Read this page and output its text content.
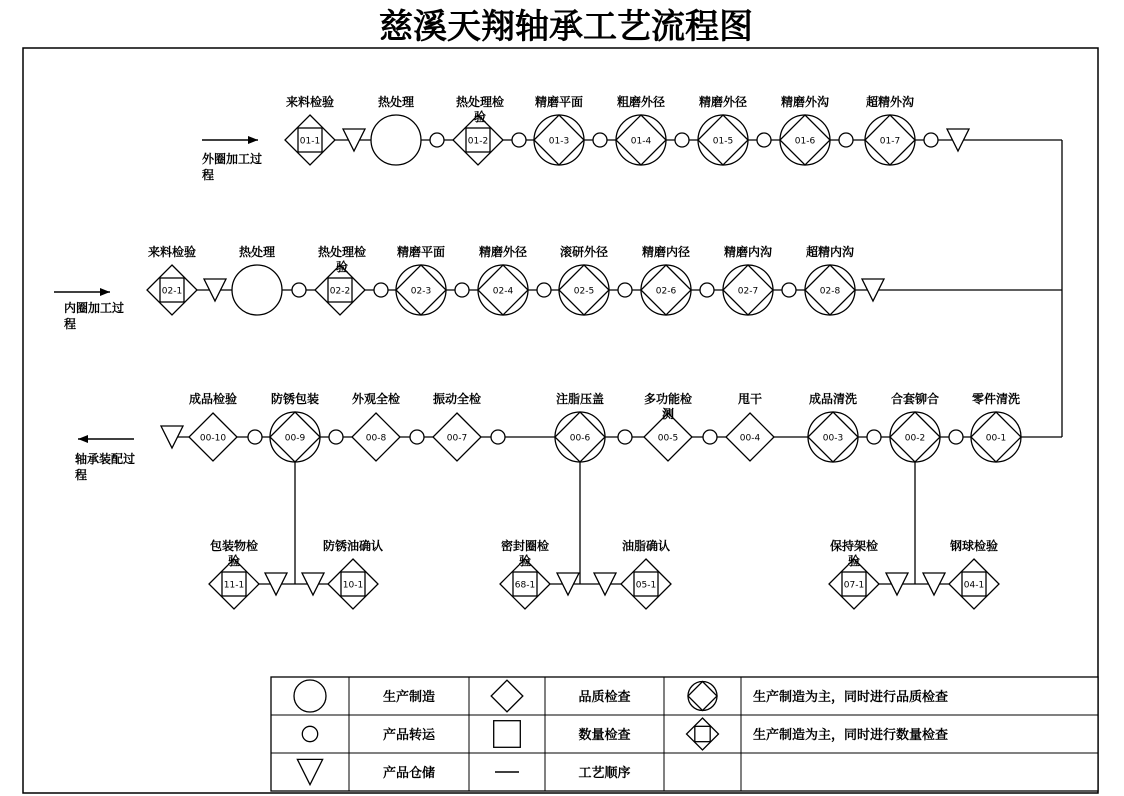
慈溪天翔轴承工艺流程图
01-1
来料检验	热处理
01-2
热处理检
验
01-3
精磨平面
01-4
粗磨外径
01-5
精磨外径
01-6
精磨外沟
01-7
超精外沟
外圈加工过
程
02-1
来料检验	热处理
02-2
热处理检
验
02-3
精磨平面
02-4
精磨外径
02-5
滚研外径
02-6
精磨内径
02-7
精磨内沟
02-8
超精内沟
内圈加工过
程
00-10
成品检验
00-9
防锈包装
00-8
外观全检
00-7
振动全检
00-6
注脂压盖
00-5
多功能检
测
00-4
甩干
00-3
成品清洗
00-2
合套铆合
00-1
零件清洗
轴承装配过
程
11-1
包装物检
验
10-1
防锈油确认
68-1
密封圈检
验
05-1
油脂确认
07-1
保持架检
验
04-1
钢球检验
生产制造	品质检查	生产制造为主，同时进行品质检查
产品转运	数量检查	生产制造为主，同时进行数量检查
产品仓储	工艺顺序
